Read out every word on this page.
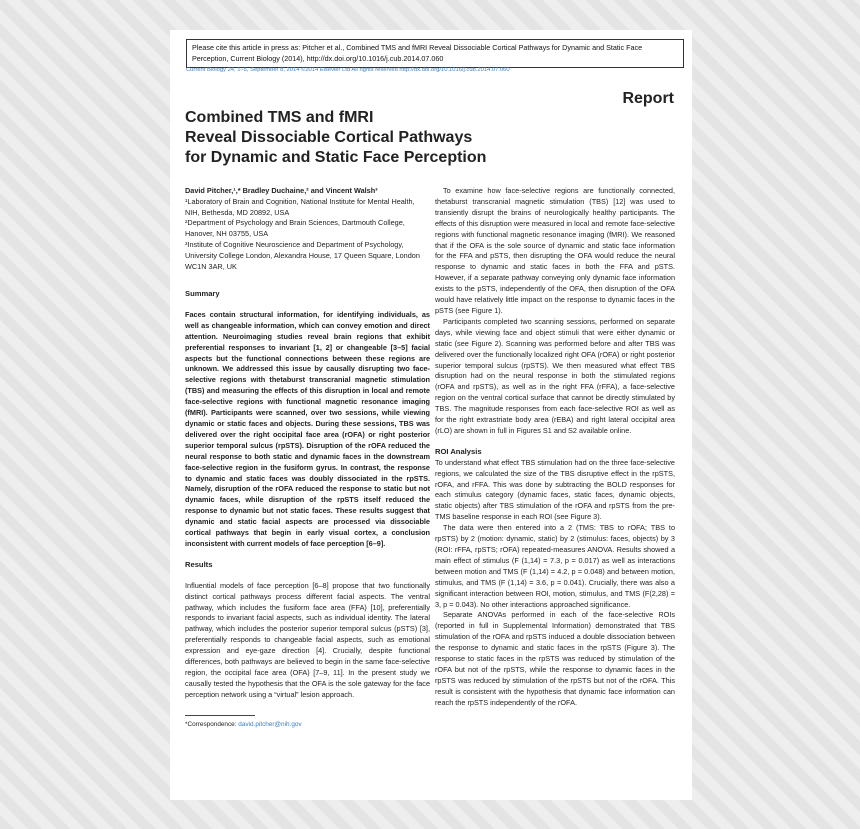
Please cite this article in press as: Pitcher et al., Combined TMS and fMRI Reveal Dissociable Cortical Pathways for Dynamic and Static Face Perception, Current Biology (2014), http://dx.doi.org/10.1016/j.cub.2014.07.060
Current Biology 24, 1–5, September 8, 2014 ©2014 Elsevier Ltd All rights reserved http://dx.doi.org/10.1016/j.cub.2014.07.060
Report
Combined TMS and fMRI
Reveal Dissociable Cortical Pathways
for Dynamic and Static Face Perception
David Pitcher,¹,* Bradley Duchaine,² and Vincent Walsh³
¹Laboratory of Brain and Cognition, National Institute for Mental Health, NIH, Bethesda, MD 20892, USA
²Department of Psychology and Brain Sciences, Dartmouth College, Hanover, NH 03755, USA
³Institute of Cognitive Neuroscience and Department of Psychology, University College London, Alexandra House, 17 Queen Square, London WC1N 3AR, UK
Summary

Faces contain structural information, for identifying individuals, as well as changeable information, which can convey emotion and direct attention. Neuroimaging studies reveal brain regions that exhibit preferential responses to invariant [1, 2] or changeable [3–5] facial aspects but the functional connections between these regions are unknown. We addressed this issue by causally disrupting two face-selective regions with thetaburst transcranial magnetic stimulation (TBS) and measuring the effects of this disruption in local and remote face-selective regions with functional magnetic resonance imaging (fMRI). Participants were scanned, over two sessions, while viewing dynamic or static faces and objects. During these sessions, TBS was delivered over the right occipital face area (rOFA) or right posterior superior temporal sulcus (rpSTS). Disruption of the rOFA reduced the neural response to both static and dynamic faces in the downstream face-selective region in the fusiform gyrus. In contrast, the response to dynamic and static faces was doubly dissociated in the rpSTS. Namely, disruption of the rOFA reduced the response to static but not dynamic faces, while disruption of the rpSTS itself reduced the response to dynamic but not static faces. These results suggest that dynamic and static facial aspects are processed via dissociable cortical pathways that begin in early visual cortex, a conclusion inconsistent with current models of face perception [6–9].

Results

Influential models of face perception [6–8] propose that two functionally distinct cortical pathways process different facial aspects. The ventral pathway, which includes the fusiform face area (FFA) [10], preferentially responds to invariant facial aspects, such as individual identity. The lateral pathway, which includes the posterior superior temporal sulcus (pSTS) [3], preferentially responds to changeable facial aspects, such as emotional expression and eye-gaze direction [4]. Crucially, despite functional differences, both pathways are believed to begin in the same face-selective region, the occipital face area (OFA) [7–9, 11]. In the present study we causally tested the hypothesis that the OFA is the sole gateway for the face perception network using a “virtual” lesion approach.

*Correspondence: david.pitcher@nih.gov

To examine how face-selective regions are functionally connected, thetaburst transcranial magnetic stimulation (TBS) [12] was used to transiently disrupt the brains of neurologically healthy participants. The effects of this disruption were measured in local and remote face-selective regions with functional magnetic resonance imaging (fMRI). We reasoned that if the OFA is the sole source of dynamic and static face information for the FFA and pSTS, then disrupting the OFA would reduce the neural response to dynamic and static faces in both the FFA and pSTS. However, if a separate pathway conveying only dynamic face information exists to the pSTS, independently of the OFA, then disruption of the OFA would have relatively little impact on the response to dynamic faces in the pSTS (see Figure 1).

Participants completed two scanning sessions, performed on separate days, while viewing face and object stimuli that were either dynamic or static (see Figure 2). Scanning was performed before and after TBS was delivered over the functionally localized right OFA (rOFA) or right posterior superior temporal sulcus (rpSTS). We then measured what effect TBS disruption had on the neural response in both the stimulated regions (rOFA and rpSTS), as well as in the right FFA (rFFA), a face-selective region on the ventral cortical surface that cannot be directly stimulated by TBS. The magnitude responses from each face-selective ROI as well as for the right extrastriate body area (rEBA) and right lateral occipital area (rLO) are shown in full in Figures S1 and S2 available online.

ROI Analysis

To understand what effect TBS stimulation had on the three face-selective regions, we calculated the size of the TBS disruptive effect in the rpSTS, rOFA, and rFFA. This was done by subtracting the BOLD responses for each stimulus category (dynamic faces, static faces, dynamic objects, static objects) after TBS stimulation of the rOFA and rpSTS from the pre-TMS baseline response in each ROI (see Figure 3).

The data were then entered into a 2 (TMS: TBS to rOFA; TBS to rpSTS) by 2 (motion: dynamic, static) by 2 (stimulus: faces, objects) by 3 (ROI: rFFA, rpSTS; rOFA) repeated-measures ANOVA. Results showed a main effect of stimulus (F (1,14) = 7.3, p = 0.017) as well as interactions between motion and TMS (F (1,14) = 4.2, p = 0.048) and between motion, stimulus, and TMS (F (1,14) = 3.6, p = 0.041). Crucially, there was also a significant interaction between ROI, motion, stimulus, and TMS (F(2,28) = 3, p = 0.043). No other interactions approached significance.

Separate ANOVAs performed in each of the face-selective ROIs (reported in full in Supplemental Information) demonstrated that TBS stimulation of the rOFA and rpSTS induced a double dissociation between the response to dynamic and static faces in the rpSTS (Figure 3). The response to static faces in the rpSTS was reduced by stimulation of the rOFA but not of the rpSTS, while the response to dynamic faces in the rpSTS was reduced by stimulation of the rpSTS but not of the rOFA. This result is consistent with the hypothesis that dynamic face information can reach the rpSTS independently of the rOFA.
